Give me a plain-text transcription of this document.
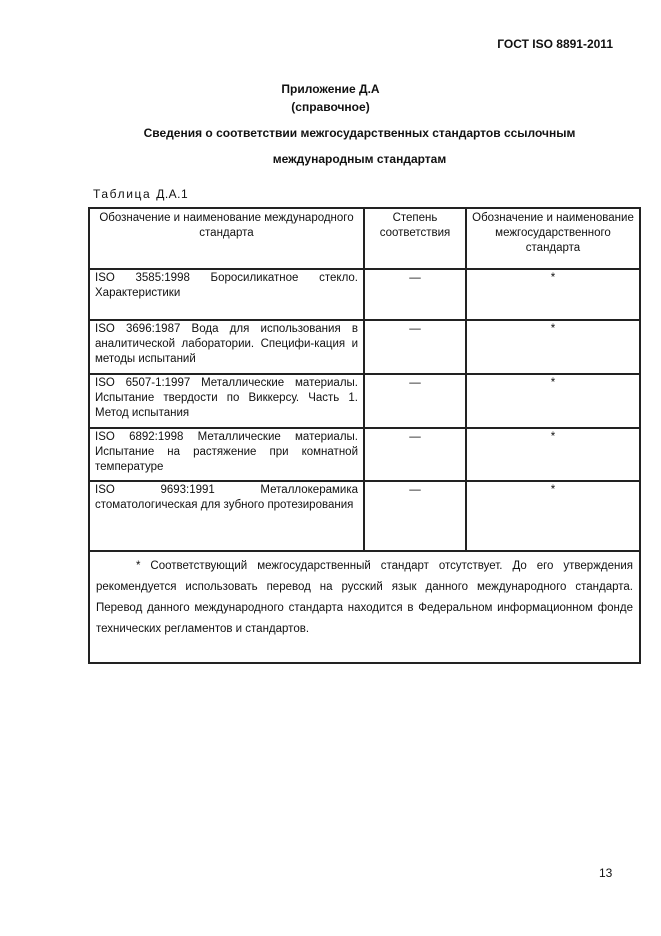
ГОСТ ISO 8891-2011
Приложение Д.А
(справочное)
Сведения о соответствии межгосударственных стандартов ссылочным
международным стандартам
Таблица Д.А.1
Обозначение и наименование международного стандарта	Степень соответствия	Обозначение и наименование межгосударственного стандарта
ISO 3585:1998 Боросиликатное стекло. Характеристики	—	*
ISO 3696:1987 Вода для использования в аналитической лаборатории. Специфи-кация и методы испытаний	—	*
ISO 6507-1:1997 Металлические материалы. Испытание твердости по Виккерсу. Часть 1. Метод испытания	—	*
ISO 6892:1998 Металлические материалы. Испытание на растяжение при комнатной температуре	—	*
ISO 9693:1991 Металлокерамика стоматологическая для зубного протезирования	—	*

* Соответствующий межгосударственный стандарт отсутствует. До его утверждения рекомендуется использовать перевод на русский язык данного международного стандарта. Перевод данного международного стандарта находится в Федеральном информационном фонде технических регламентов и стандартов.		
13
